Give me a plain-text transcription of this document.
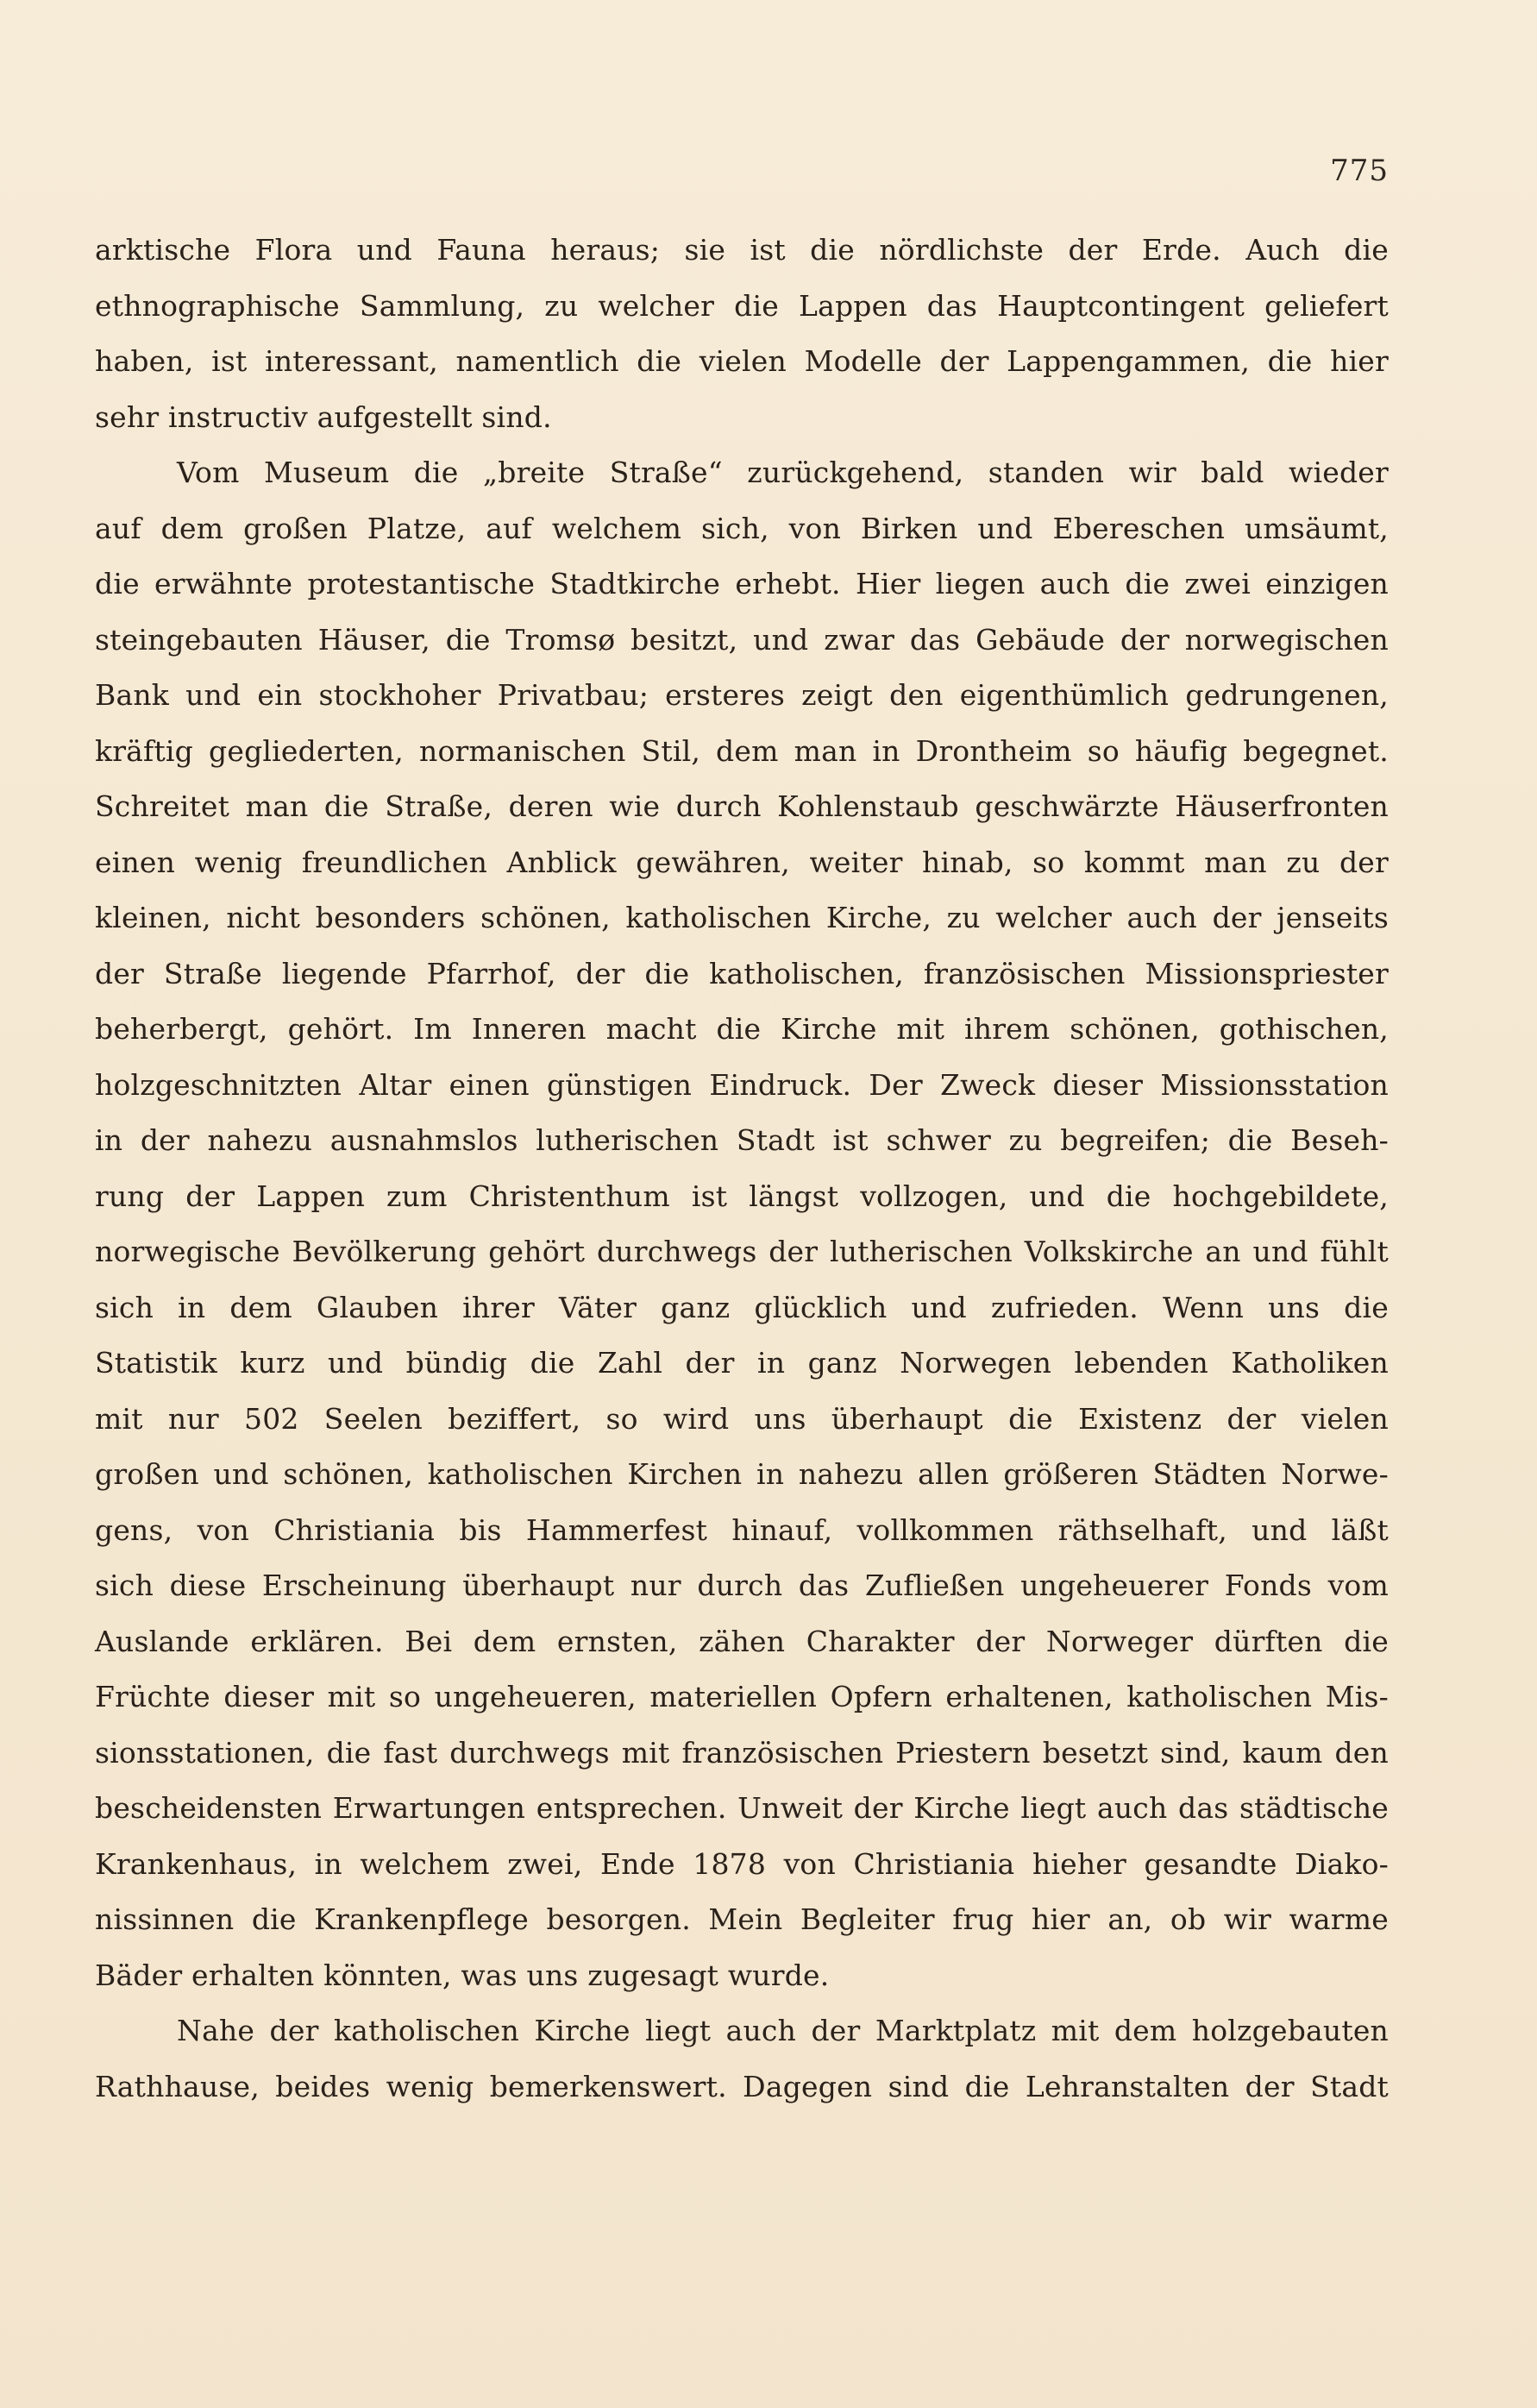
775
arktische Flora und Fauna heraus; sie ist die nördlichste der Erde. Auch die
ethnographische Sammlung, zu welcher die Lappen das Hauptcontingent geliefert
haben, ist interessant, namentlich die vielen Modelle der Lappengammen, die hier
sehr instructiv aufgestellt sind.
Vom Museum die „breite Straße“ zurückgehend, standen wir bald wieder
auf dem großen Platze, auf welchem sich, von Birken und Ebereschen umsäumt,
die erwähnte protestantische Stadtkirche erhebt. Hier liegen auch die zwei einzigen
steingebauten Häuser, die Tromsø besitzt, und zwar das Gebäude der norwegischen
Bank und ein stockhoher Privatbau; ersteres zeigt den eigenthümlich gedrungenen,
kräftig gegliederten, normanischen Stil, dem man in Drontheim so häufig begegnet.
Schreitet man die Straße, deren wie durch Kohlenstaub geschwärzte Häuserfronten
einen wenig freundlichen Anblick gewähren, weiter hinab, so kommt man zu der
kleinen, nicht besonders schönen, katholischen Kirche, zu welcher auch der jenseits
der Straße liegende Pfarrhof, der die katholischen, französischen Missionspriester
beherbergt, gehört. Im Inneren macht die Kirche mit ihrem schönen, gothischen,
holzgeschnitzten Altar einen günstigen Eindruck. Der Zweck dieser Missionsstation
in der nahezu ausnahmslos lutherischen Stadt ist schwer zu begreifen; die Beseh-
rung der Lappen zum Christenthum ist längst vollzogen, und die hochgebildete,
norwegische Bevölkerung gehört durchwegs der lutherischen Volkskirche an und fühlt
sich in dem Glauben ihrer Väter ganz glücklich und zufrieden. Wenn uns die
Statistik kurz und bündig die Zahl der in ganz Norwegen lebenden Katholiken
mit nur 502 Seelen beziffert, so wird uns überhaupt die Existenz der vielen
großen und schönen, katholischen Kirchen in nahezu allen größeren Städten Norwe-
gens, von Christiania bis Hammerfest hinauf, vollkommen räthselhaft, und läßt
sich diese Erscheinung überhaupt nur durch das Zufließen ungeheuerer Fonds vom
Auslande erklären. Bei dem ernsten, zähen Charakter der Norweger dürften die
Früchte dieser mit so ungeheueren, materiellen Opfern erhaltenen, katholischen Mis-
sionsstationen, die fast durchwegs mit französischen Priestern besetzt sind, kaum den
bescheidensten Erwartungen entsprechen. Unweit der Kirche liegt auch das städtische
Krankenhaus, in welchem zwei, Ende 1878 von Christiania hieher gesandte Diako-
nissinnen die Krankenpflege besorgen. Mein Begleiter frug hier an, ob wir warme
Bäder erhalten könnten, was uns zugesagt wurde.
Nahe der katholischen Kirche liegt auch der Marktplatz mit dem holzgebauten
Rathhause, beides wenig bemerkenswert. Dagegen sind die Lehranstalten der Stadt
